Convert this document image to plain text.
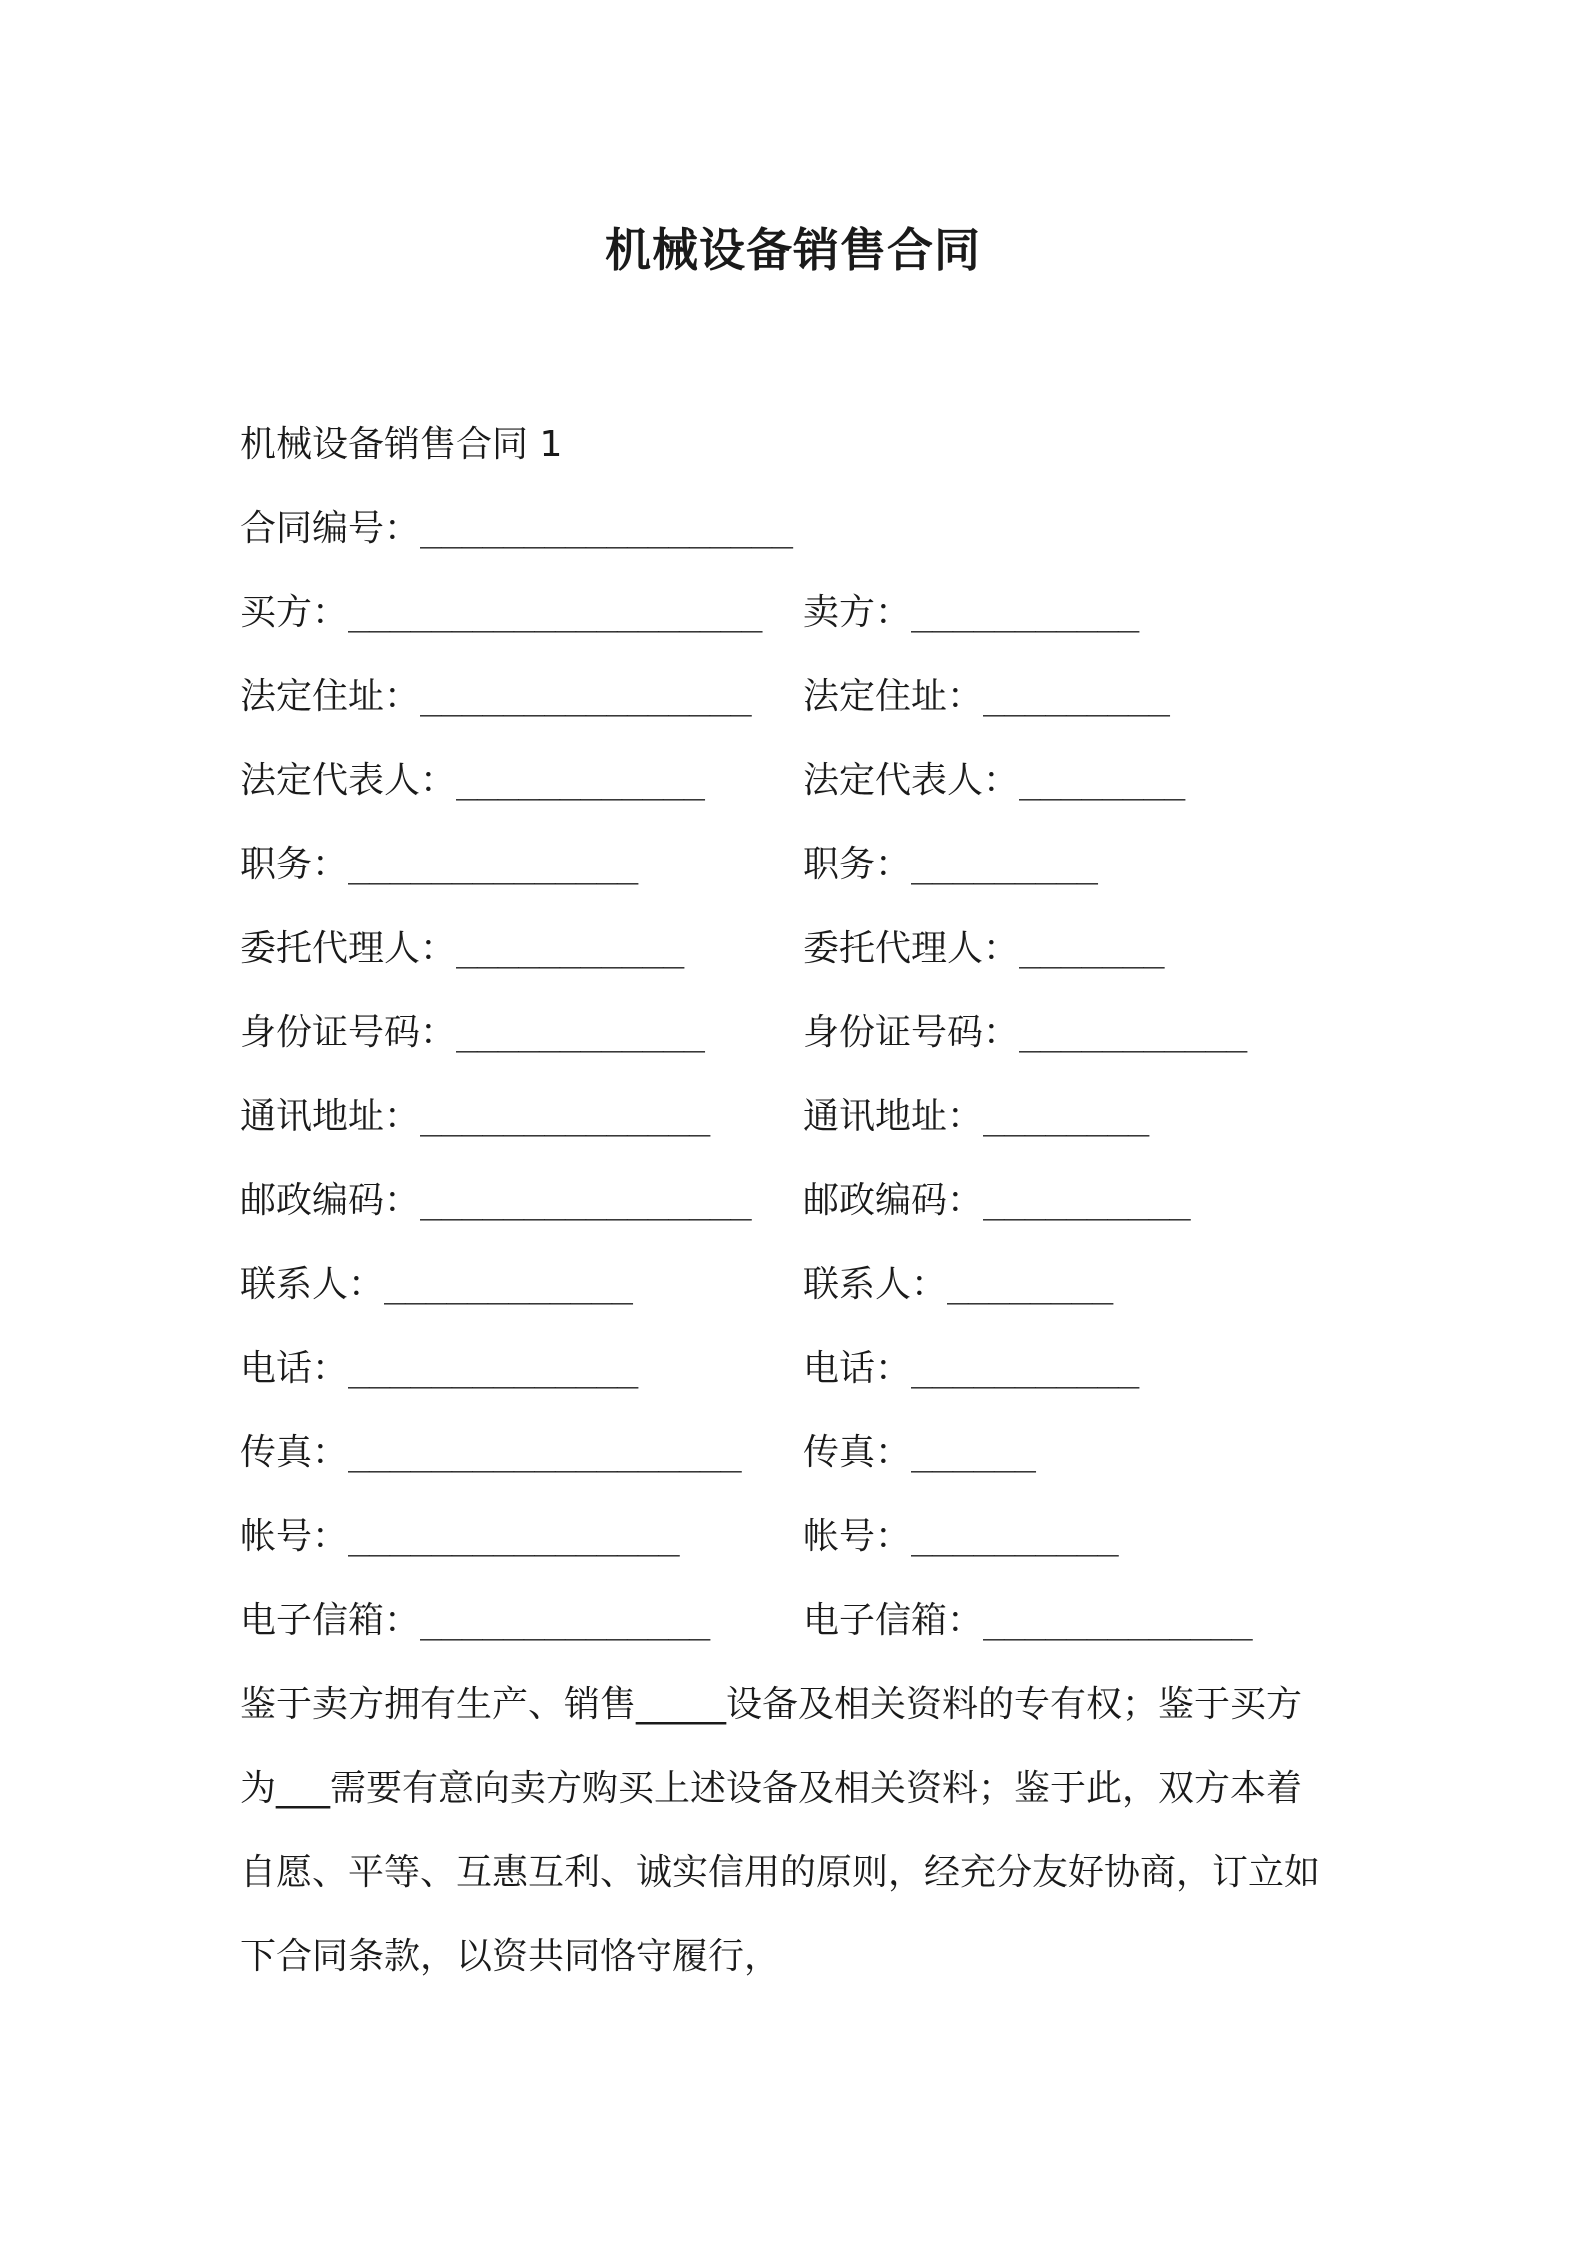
机械设备销售合同
机械设备销售合同 1
合同编号：__________________
买方：____________________ 卖方：___________
法定住址：________________ 法定住址：_________
法定代表人：____________	法定代表人：________
职务：______________	职务：_________
委托代理人：___________	委托代理人：_______
身份证号码：____________	身份证号码：___________
通讯地址：______________	通讯地址：________
邮政编码：________________ 邮政编码：__________
联系人：____________	联系人：________
电话：______________	电话：___________
传真：___________________ 传真：______
帐号：________________	帐号：__________
电子信箱：______________	电子信箱：_____________
鉴于卖方拥有生产、销售_____设备及相关资料的专有权；鉴于买方
为___需要有意向卖方购买上述设备及相关资料；鉴于此，双方本着
自愿、平等、互惠互利、诚实信用的原则，经充分友好协商，订立如
下合同条款，以资共同恪守履行，
